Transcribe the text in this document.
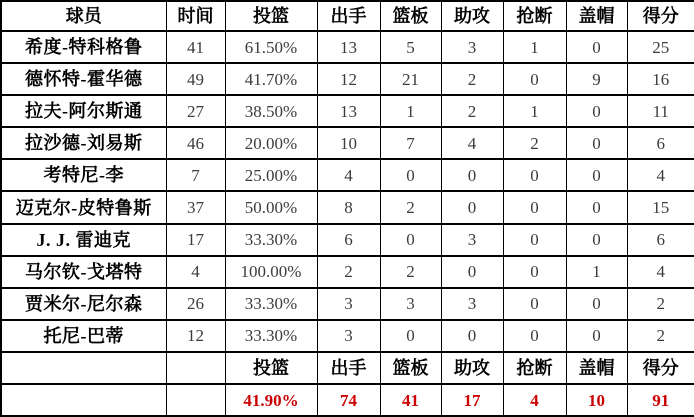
球员	时间	投篮	出手	篮板	助攻	抢断	盖帽	得分
希度-特科格鲁	41	61.50%	13	5	3	1	0	25
德怀特-霍华德	49	41.70%	12	21	2	0	9	16
拉夫-阿尔斯通	27	38.50%	13	1	2	1	0	11
拉沙德-刘易斯	46	20.00%	10	7	4	2	0	6
考特尼-李	7	25.00%	4	0	0	0	0	4
迈克尔-皮特鲁斯	37	50.00%	8	2	0	0	0	15
J. J. 雷迪克	17	33.30%	6	0	3	0	0	6
马尔钦-戈塔特	4	100.00%	2	2	0	0	1	4
贾米尔-尼尔森	26	33.30%	3	3	3	0	0	2
托尼-巴蒂	12	33.30%	3	0	0	0	0	2
		投篮	出手	篮板	助攻	抢断	盖帽	得分
		41.90%	74	41	17	4	10	91
